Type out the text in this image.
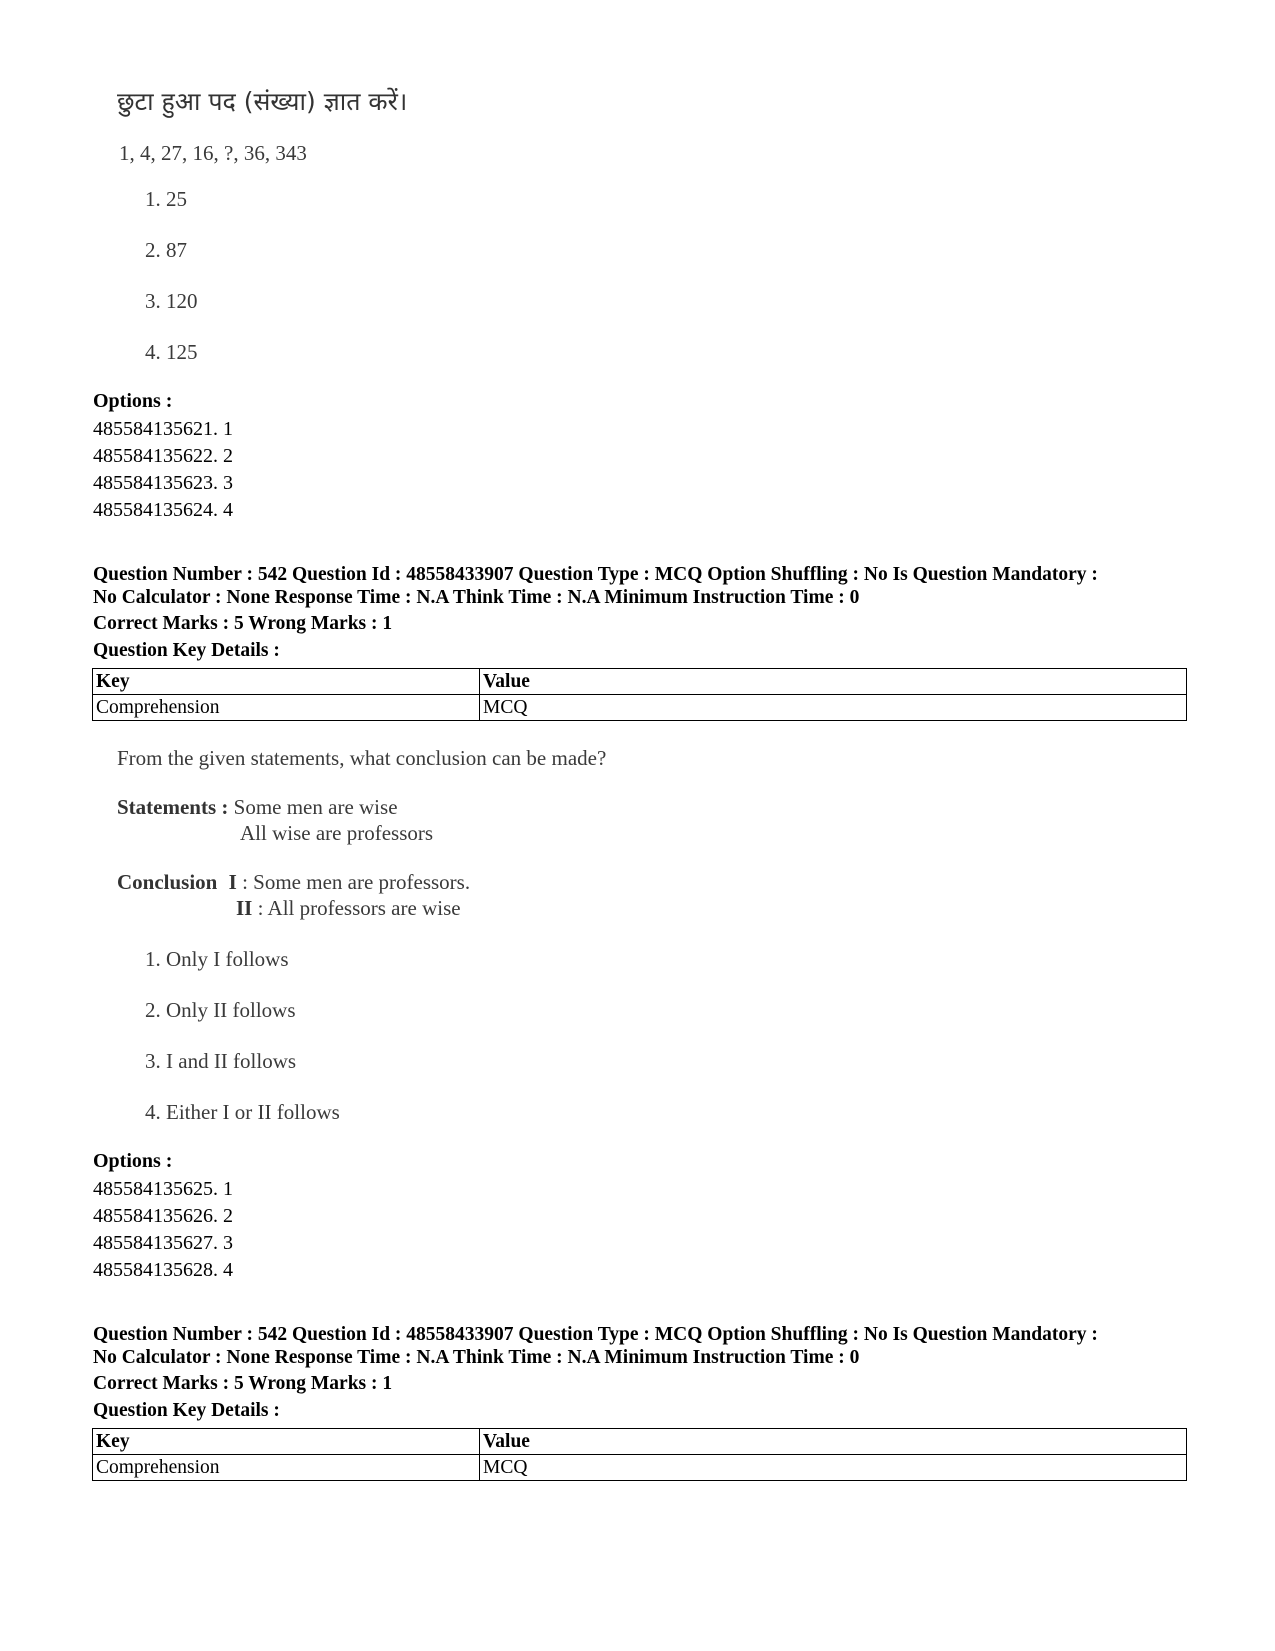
छुटा हुआ पद (संख्या) ज्ञात करें।
1, 4, 27, 16, ?, 36, 343
1. 25
2. 87
3. 120
4. 125
Options :
485584135621. 1
485584135622. 2
485584135623. 3
485584135624. 4
Question Number : 542 Question Id : 48558433907 Question Type : MCQ Option Shuffling : No Is Question Mandatory :
No Calculator : None Response Time : N.A Think Time : N.A Minimum Instruction Time : 0
Correct Marks : 5 Wrong Marks : 1
Question Key Details :
Key	Value
Comprehension	MCQ
From the given statements, what conclusion can be made?
Statements : Some men are wise
All wise are professors
Conclusion I : Some men are professors.
II : All professors are wise
1. Only I follows
2. Only II follows
3. I and II follows
4. Either I or II follows
Options :
485584135625. 1
485584135626. 2
485584135627. 3
485584135628. 4
Question Number : 542 Question Id : 48558433907 Question Type : MCQ Option Shuffling : No Is Question Mandatory :
No Calculator : None Response Time : N.A Think Time : N.A Minimum Instruction Time : 0
Correct Marks : 5 Wrong Marks : 1
Question Key Details :
Key	Value
Comprehension	MCQ
